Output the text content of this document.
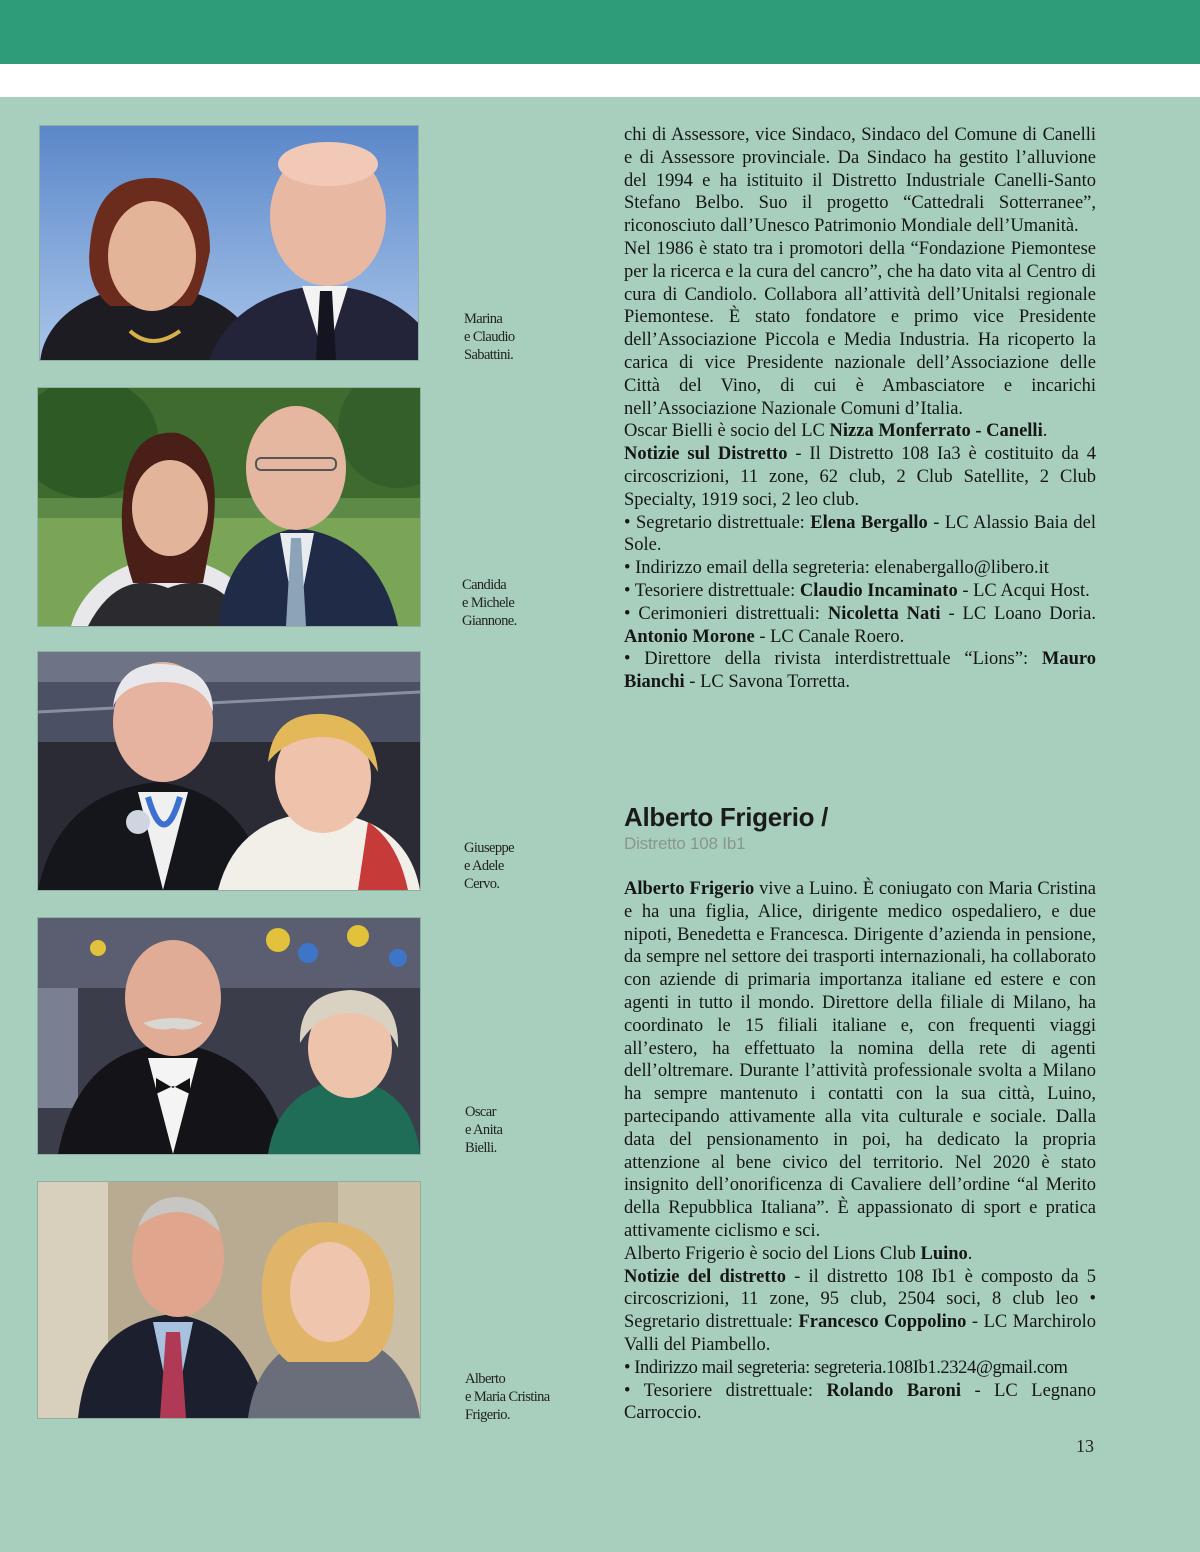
Marina
e Claudio
Sabattini.
Candida
e Michele
Giannone.
Giuseppe
e Adele
Cervo.
Oscar
e Anita
Bielli.
Alberto
e Maria Cristina
Frigerio.

chi di Assessore, vice Sindaco, Sindaco del Comune di Canelli e di Assessore provinciale. Da Sindaco ha gestito l’alluvione del 1994 e ha istituito il Distretto Industriale Canelli-Santo Stefano Belbo. Suo il progetto “Cattedrali Sotterranee”, riconosciuto dall’Unesco Patrimonio Mondiale dell’Umanità.

Nel 1986 è stato tra i promotori della “Fondazione Piemontese per la ricerca e la cura del cancro”, che ha dato vita al Centro di cura di Candiolo. Collabora all’attività dell’Unitalsi regionale Piemontese. È stato fondatore e primo vice Presidente dell’Associazione Piccola e Media Industria. Ha ricoperto la carica di vice Presidente nazionale dell’Associazione delle Città del Vino, di cui è Ambasciatore e incarichi nell’Associazione Nazionale Comuni d’Italia.

Oscar Bielli è socio del LC Nizza Monferrato - Canelli.

Notizie sul Distretto - Il Distretto 108 Ia3 è costituito da 4 circoscrizioni, 11 zone, 62 club, 2 Club Satellite, 2 Club Specialty, 1919 soci, 2 leo club.

• Segretario distrettuale: Elena Bergallo - LC Alassio Baia del Sole.

• Indirizzo email della segreteria: elenabergallo@libero.it

• Tesoriere distrettuale: Claudio Incaminato - LC Acqui Host.

• Cerimonieri distrettuali: Nicoletta Nati - LC Loano Doria. Antonio Morone - LC Canale Roero.

• Direttore della rivista interdistrettuale “Lions”: Mauro Bianchi - LC Savona Torretta.

Alberto Frigerio /
Distretto 108 Ib1

Alberto Frigerio vive a Luino. È coniugato con Maria Cristina e ha una figlia, Alice, dirigente medico ospedaliero, e due nipoti, Benedetta e Francesca. Dirigente d’azienda in pensione, da sempre nel settore dei trasporti internazionali, ha collaborato con aziende di primaria importanza italiane ed estere e con agenti in tutto il mondo. Direttore della filiale di Milano, ha coordinato le 15 filiali italiane e, con frequenti viaggi all’estero, ha effettuato la nomina della rete di agenti dell’oltremare. Durante l’attività professionale svolta a Milano ha sempre mantenuto i contatti con la sua città, Luino, partecipando attivamente alla vita culturale e sociale. Dalla data del pensionamento in poi, ha dedicato la propria attenzione al bene civico del territorio. Nel 2020 è stato insignito dell’onorificenza di Cavaliere dell’ordine “al Merito della Repubblica Italiana”. È appassionato di sport e pratica attivamente ciclismo e sci.

Alberto Frigerio è socio del Lions Club Luino.

Notizie del distretto - il distretto 108 Ib1 è composto da 5 circoscrizioni, 11 zone, 95 club, 2504 soci, 8 club leo • Segretario distrettuale: Francesco Coppolino - LC Marchirolo Valli del Piambello.

• Indirizzo mail segreteria: segreteria.108Ib1.2324@gmail.com

• Tesoriere distrettuale: Rolando Baroni - LC Legnano Carroccio.

13
